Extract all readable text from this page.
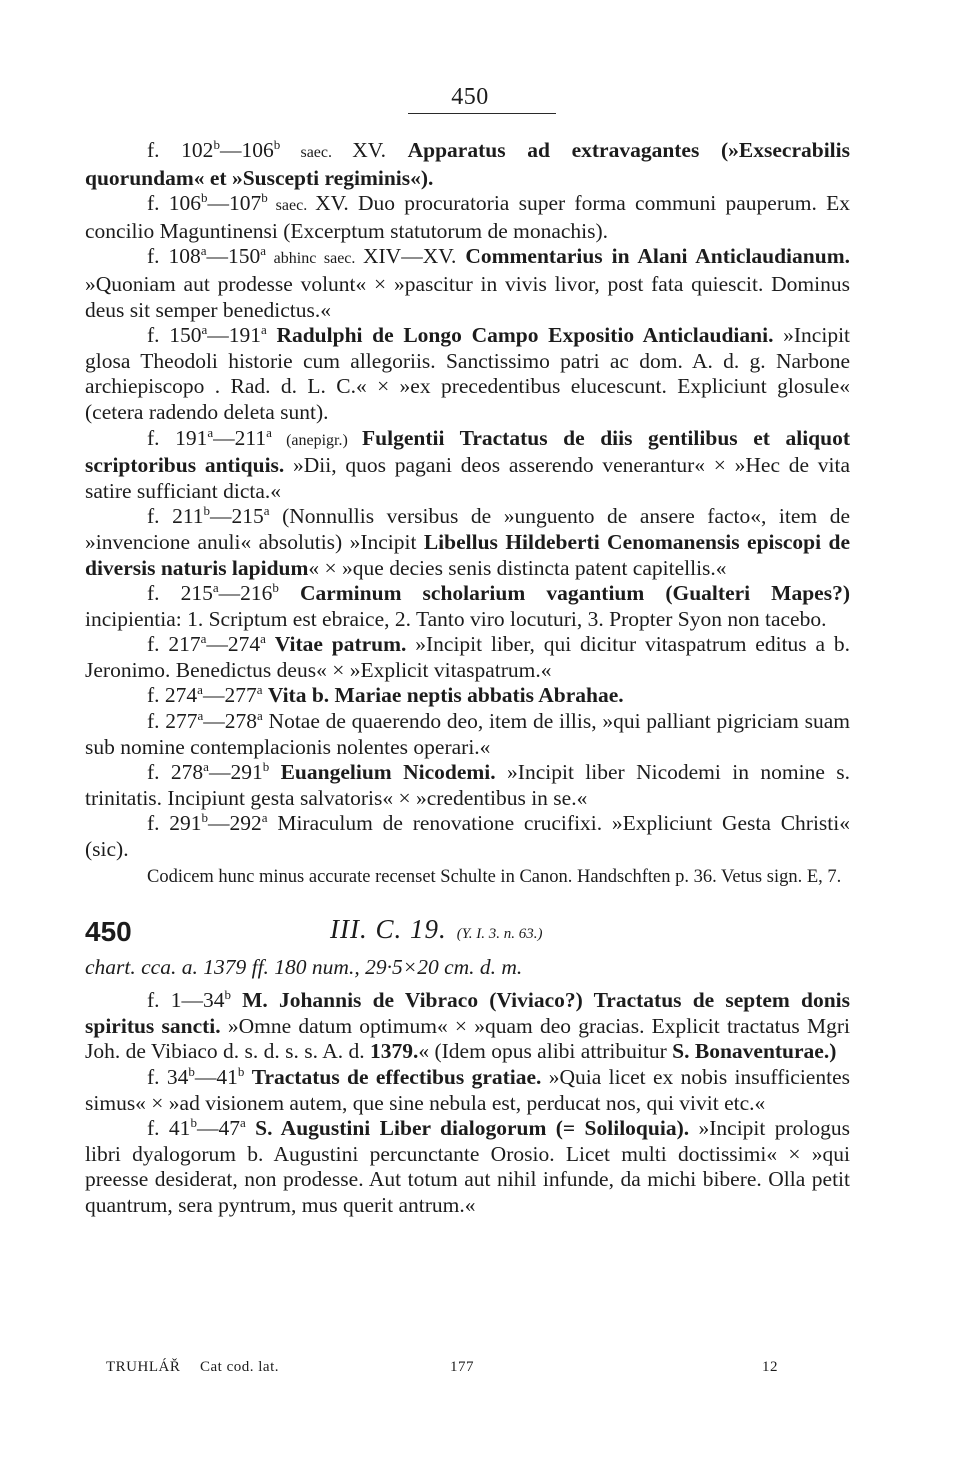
450

f. 102$^b$—106$^b$ saec. XV. Apparatus ad extravagantes (»Exsecrabilis quorundam« et »Suscepti regiminis«).

f. 106$^b$—107$^b$ saec. XV. Duo procuratoria super forma communi pauperum. Ex concilio Maguntinensi (Excerptum statutorum de monachis).

f. 108$^a$—150$^a$ abhinc saec. XIV—XV. Commentarius in Alani Anticlaudianum. »Quoniam aut prodesse volunt« × »pascitur in vivis livor, post fata quiescit. Dominus deus sit semper benedictus.«

f. 150$^a$—191$^a$ Radulphi de Longo Campo Expositio Anticlaudiani. »Incipit glosa Theodoli historie cum allegoriis. Sanctissimo patri ac dom. A. d. g. Narbone archiepiscopo . Rad. d. L. C.« × »ex precedentibus elucescunt. Expliciunt glosule« (cetera radendo deleta sunt).

f. 191$^a$—211$^a$ (anepigr.) Fulgentii Tractatus de diis gentilibus et aliquot scriptoribus antiquis. »Dii, quos pagani deos asserendo venerantur« × »Hec de vita satire sufficiant dicta.«

f. 211$^b$—215$^a$ (Nonnullis versibus de »unguento de ansere facto«, item de »invencione anuli« absolutis) »Incipit Libellus Hildeberti Cenomanensis episcopi de diversis naturis lapidum« × »que decies senis distincta patent capitellis.«

f. 215$^a$—216$^b$ Carminum scholarium vagantium (Gualteri Mapes?) incipientia: 1. Scriptum est ebraice, 2. Tanto viro locuturi, 3. Propter Syon non tacebo.

f. 217$^a$—274$^a$ Vitae patrum. »Incipit liber, qui dicitur vitaspatrum editus a b. Jeronimo. Benedictus deus« × »Explicit vitaspatrum.«

f. 274$^a$—277$^a$ Vita b. Mariae neptis abbatis Abrahae.

f. 277$^a$—278$^a$ Notae de quaerendo deo, item de illis, »qui palliant pigriciam suam sub nomine contemplacionis nolentes operari.«

f. 278$^a$—291$^b$ Euangelium Nicodemi. »Incipit liber Nicodemi in nomine s. trinitatis. Incipiunt gesta salvatoris« × »credentibus in se.«

f. 291$^b$—292$^a$ Miraculum de renovatione crucifixi. »Expliciunt Gesta Christi« (sic).

Codicem hunc minus accurate recenset Schulte in Canon. Handschften p. 36. Vetus sign. E, 7.

450	III. C. 19. (Y. I. 3. n. 63.)

chart. cca. a. 1379 ff. 180 num., 29·5×20 cm. d. m.

f. 1—34$^b$ M. Johannis de Vibraco (Viviaco?) Tractatus de septem donis spiritus sancti. »Omne datum optimum« × »quam deo gracias. Explicit tractatus Mgri Joh. de Vibiaco d. s. d. s. s. A. d. 1379.« (Idem opus alibi attribuitur S. Bonaventurae.)

f. 34$^b$—41$^b$ Tractatus de effectibus gratiae. »Quia licet ex nobis insufficientes simus« × »ad visionem autem, que sine nebula est, perducat nos, qui vivit etc.«

f. 41$^b$—47$^a$ S. Augustini Liber dialogorum (= Soliloquia). »Incipit prologus libri dyalogorum b. Augustini percunctante Orosio. Licet multi doctissimi« × »qui preesse desiderat, non prodesse. Aut totum aut nihil infunde, da michi bibere. Olla petit quantrum, sera pyntrum, mus querit antrum.«

TRUHLÁŘ Cat cod. lat.	177	12
